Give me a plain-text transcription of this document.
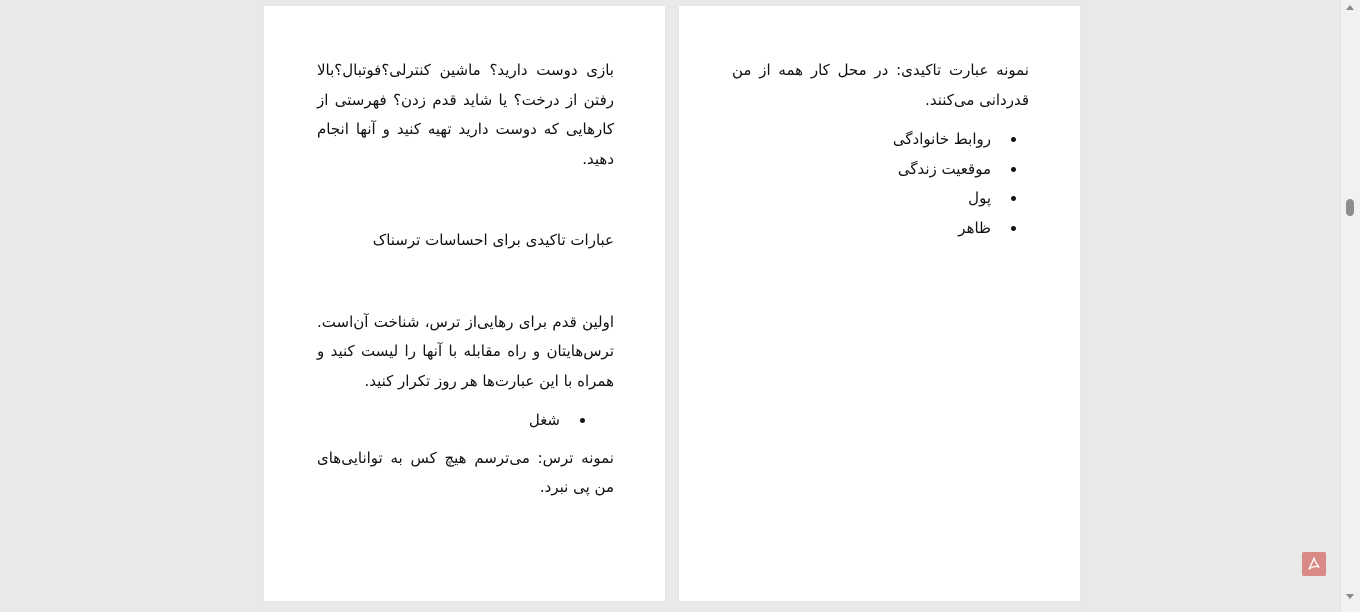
بازی دوست دارید؟ ماشین کنترلی؟فوتبال؟بالا رفتن از درخت؟ یا شاید قدم زدن؟ فهرستی از کارهایی که دوست دارید تهیه کنید و آنها انجام دهید.

عبارات تاکیدی برای احساسات ترسناک

اولین قدم برای رهایی‌از ترس، شناخت آن‌است. ترس‌هایتان و راه مقابله با آنها را لیست کنید و همراه با این عبارت‌ها هر روز تکرار کنید.

شغل

نمونه ترس: می‌ترسم هیچ کس به توانایی‌های من پی نبرد.

نمونه عبارت تاکیدی: در محل کار همه از من قدردانی می‌کنند.

روابط خانوادگی
موقعیت زندگی
پول
ظاهر
